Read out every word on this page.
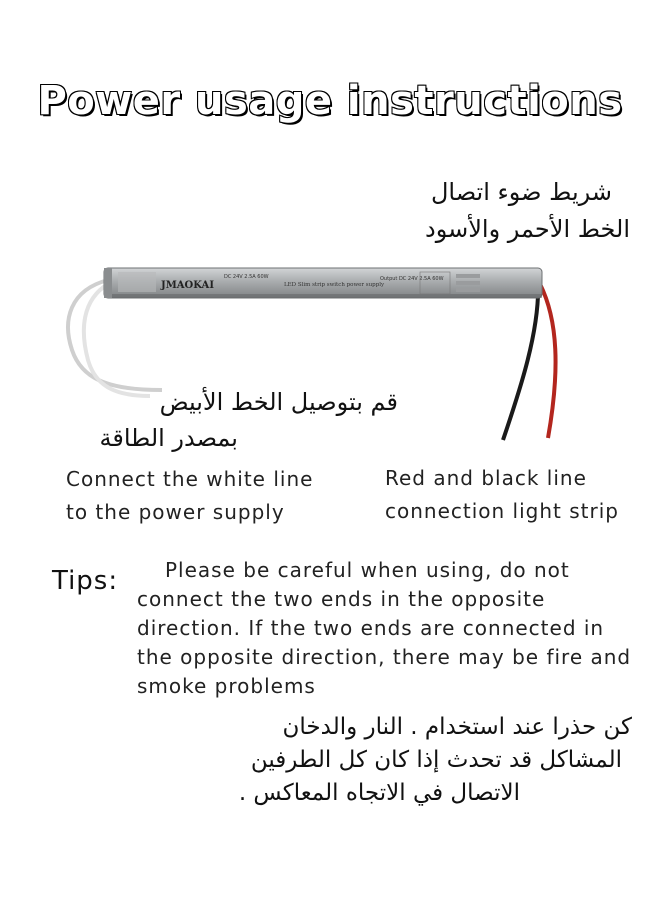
Power usage instructions
شريط ضوء اتصال
الخط الأحمر والأسود
JMAOKAI
DC 24V 2.5A 60W
LED Slim strip switch power supply
Output DC 24V 2.5A 60W
قم بتوصيل الخط الأبيض
بمصدر الطاقة
Connect the white line
to the power supply
Red and black line
connection light strip
Tips:	Please be careful when using, do not connect the two ends in the opposite direction. If the two ends are connected in the opposite direction, there may be fire and smoke problems
كن حذرا عند استخدام . النار والدخان
المشاكل قد تحدث إذا كان كل الطرفين
الاتصال في الاتجاه المعاكس .
